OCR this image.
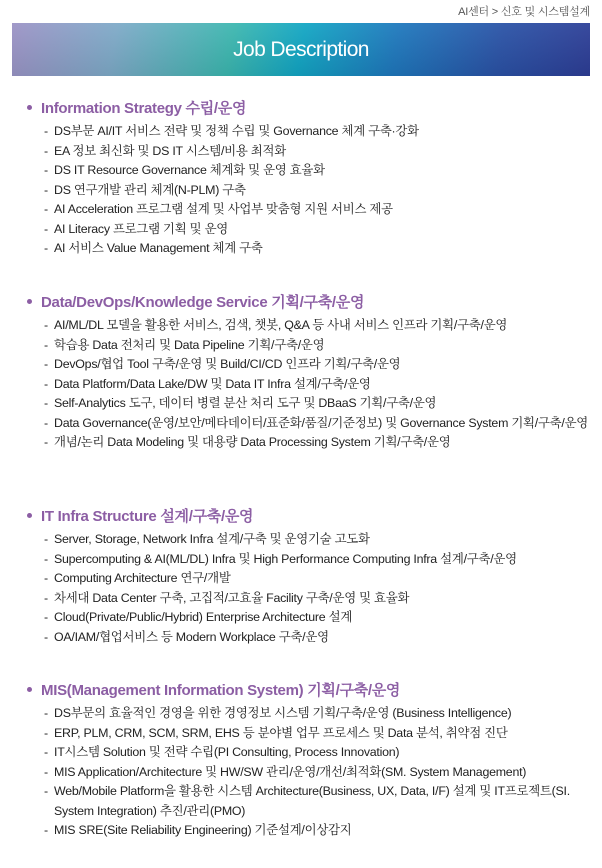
AI센터 > 신호 및 시스템설계
Job Description
Information Strategy 수립/운영
- DS부문 AI/IT 서비스 전략 및 정책 수립 및 Governance 체계 구축·강화
- EA 정보 최신화 및 DS IT 시스템/비용 최적화
- DS IT Resource Governance 체계화 및 운영 효율화
- DS 연구개발 관리 체계(N-PLM) 구축
- AI Acceleration 프로그램 설계 및 사업부 맞춤형 지원 서비스 제공
- AI Literacy 프로그램 기획 및 운영
- AI 서비스 Value Management 체계 구축
Data/DevOps/Knowledge Service 기획/구축/운영
- AI/ML/DL 모델을 활용한 서비스, 검색, 챗봇, Q&A 등 사내 서비스 인프라 기획/구축/운영
- 학습용 Data 전처리 및 Data Pipeline 기획/구축/운영
- DevOps/협업 Tool 구축/운영 및 Build/CI/CD 인프라 기획/구축/운영
- Data Platform/Data Lake/DW 및 Data IT Infra 설계/구축/운영
- Self-Analytics 도구, 데이터 병렬 분산 처리 도구 및 DBaaS 기획/구축/운영
- Data Governance(운영/보안/메타데이터/표준화/품질/기준정보) 및 Governance System 기획/구축/운영
- 개념/논리 Data Modeling 및 대용량 Data Processing System 기획/구축/운영
IT Infra Structure 설계/구축/운영
- Server, Storage, Network Infra 설계/구축 및 운영기술 고도화
- Supercomputing & AI(ML/DL) Infra 및 High Performance Computing Infra 설계/구축/운영
- Computing Architecture 연구/개발
- 차세대 Data Center 구축, 고집적/고효율 Facility 구축/운영 및 효율화
- Cloud(Private/Public/Hybrid) Enterprise Architecture 설계
- OA/IAM/협업서비스 등 Modern Workplace 구축/운영
MIS(Management Information System) 기획/구축/운영
- DS부문의 효율적인 경영을 위한 경영정보 시스템 기획/구축/운영 (Business Intelligence)
- ERP, PLM, CRM, SCM, SRM, EHS 등 분야별 업무 프로세스 및 Data 분석, 취약점 진단
- IT시스템 Solution 및 전략 수립(PI Consulting, Process Innovation)
- MIS Application/Architecture 및 HW/SW 관리/운영/개선/최적화(SM. System Management)
- Web/Mobile Platform을 활용한 시스템 Architecture(Business, UX, Data, I/F) 설계 및 IT프로젝트(SI. System Integration) 추진/관리(PMO)
- MIS SRE(Site Reliability Engineering) 기준설계/이상감지
